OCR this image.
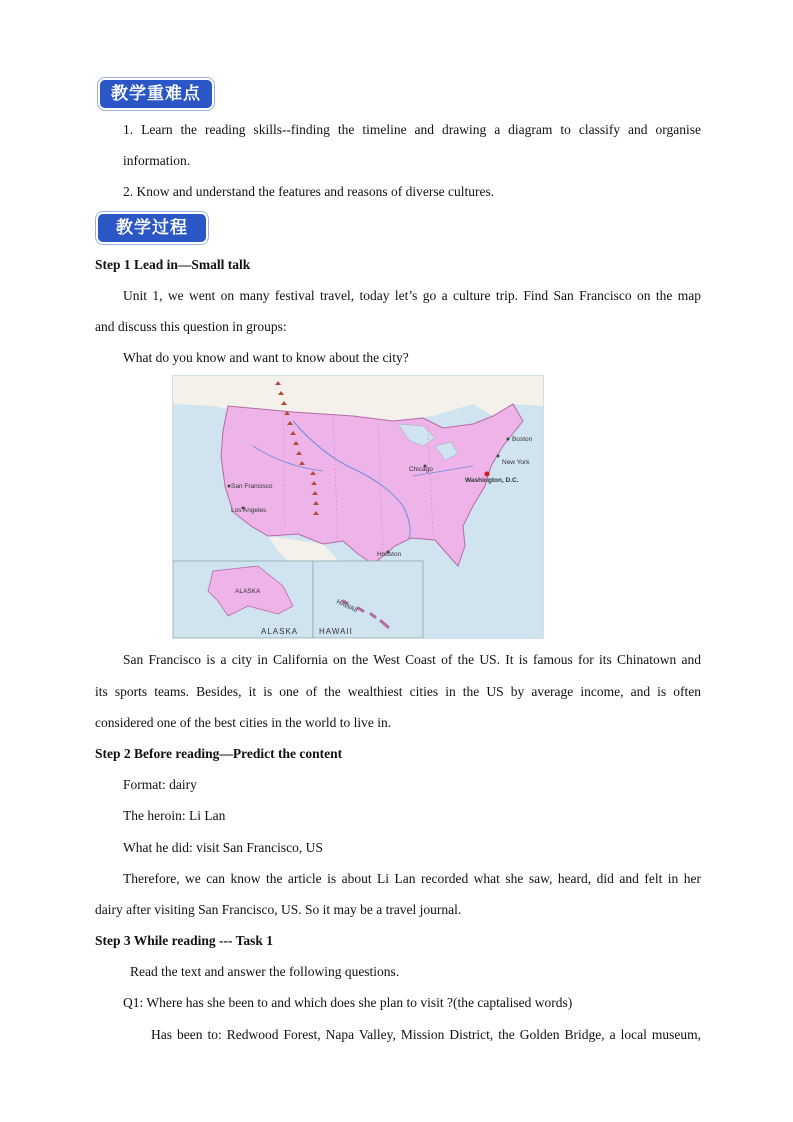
教学重难点
1. Learn the reading skills--finding the timeline and drawing a diagram to classify and organise
information.
2. Know and understand the features and reasons of diverse cultures.
教学过程
Step 1 Lead in—Small talk
Unit 1, we went on many festival travel, today let’s go a culture trip. Find San Francisco on the map
and discuss this question in groups:
What do you know and want to know about the city?
Boston
New York
Chicago
Washington, D.C.
San Francisco
Los Angeles
Houston
ALASKA
ALASKA
HAWAII
HAWAII
San Francisco is a city in California on the West Coast of the US. It is famous for its Chinatown and
its sports teams. Besides, it is one of the wealthiest cities in the US by average income, and is often
considered one of the best cities in the world to live in.
Step 2 Before reading—Predict the content
Format: dairy
The heroin: Li Lan
What he did: visit San Francisco, US
Therefore, we can know the article is about Li Lan recorded what she saw, heard, did and felt in her
dairy after visiting San Francisco, US. So it may be a travel journal.
Step 3 While reading --- Task 1
Read the text and answer the following questions.
Q1: Where has she been to and which does she plan to visit ?(the captalised words)
Has been to: Redwood Forest, Napa Valley, Mission District, the Golden Bridge, a local museum,
